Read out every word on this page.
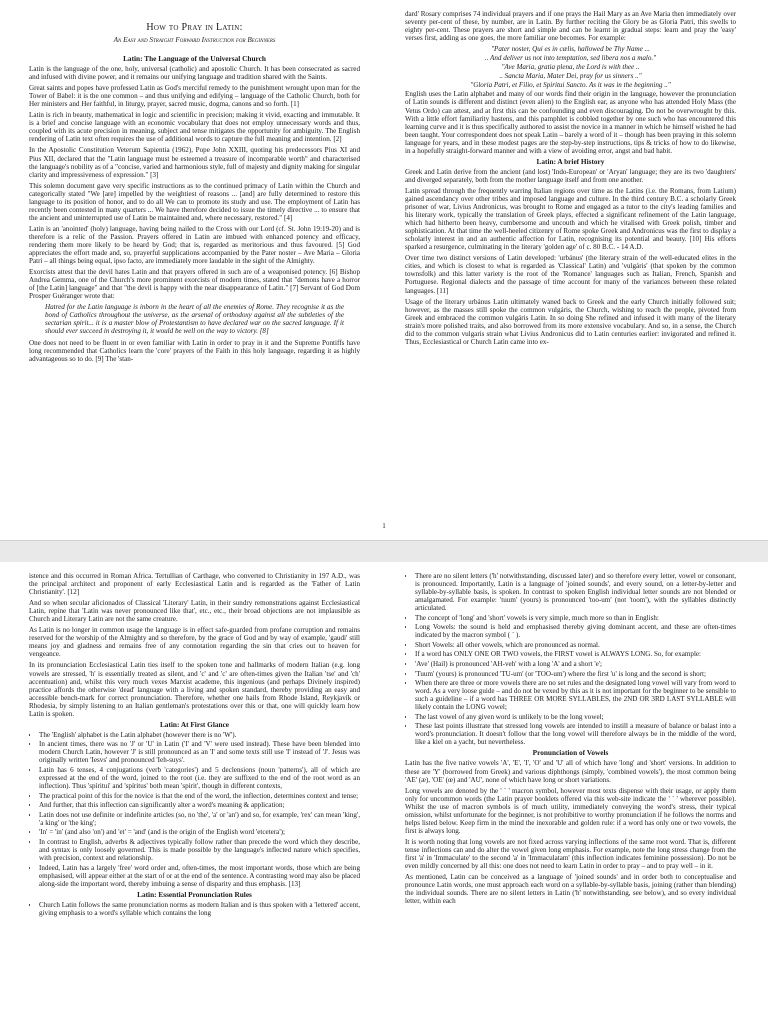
How to Pray in Latin:
An Easy and Straight Forward Instruction for Beginners
Latin: The Language of the Universal Church

Latin is the language of the one, holy, universal (catholic) and apostolic Church. It has been consecrated as sacred and infused with divine power, and it remains our unifying language and tradition shared with the Saints.

Great saints and popes have professed Latin as God's merciful remedy to the punishment wrought upon man for the Tower of Babel: it is the one common – and thus unifying and edifying – language of the Catholic Church, both for Her ministers and Her faithful, in liturgy, prayer, sacred music, dogma, canons and so forth. [1]

Latin is rich in beauty, mathematical in logic and scientific in precision; making it vivid, exacting and immutable. It is a brief and concise language with an economic vocabulary that does not employ unnecessary words and thus, coupled with its acute precision in meaning, subject and tense mitigates the opportunity for ambiguity. The English rendering of Latin text often requires the use of additional words to capture the full meaning and intention. [2]

In the Apostolic Constitution Veterum Sapientia (1962), Pope John XXIII, quoting his predecessors Pius XI and Pius XII, declared that the "Latin language must be esteemed a treasure of incomparable worth" and characterised the language's nobility as of a "concise, varied and harmonious style, full of majesty and dignity making for singular clarity and impressiveness of expression." [3]

This solemn document gave very specific instructions as to the continued primacy of Latin within the Church and categorically stated "We [are] impelled by the weightiest of reasons ... [and] are fully determined to restore this language to its position of honor, and to do all We can to promote its study and use. The employment of Latin has recently been contested in many quarters ... We have therefore decided to issue the timely directive ... to ensure that the ancient and uninterrupted use of Latin be maintained and, where necessary, restored." [4]

Latin is an 'anointed' (holy) language, having being nailed to the Cross with our Lord (cf. St. John 19:19-20) and is therefore is a relic of the Passion. Prayers offered in Latin are imbued with enhanced potency and efficacy, rendering them more likely to be heard by God; that is, regarded as meritorious and thus favoured. [5] God appreciates the effort made and, so, prayerful supplications accompanied by the Pater noster – Ave Maria – Gloria Patri – all things being equal, ipso facto, are immediately more laudable in the sight of the Almighty.

Exorcists attest that the devil hates Latin and that prayers offered in such are of a weaponised potency. [6] Bishop Andrea Gemma, one of the Church's more prominent exorcists of modern times, stated that "demons have a horror of [the Latin] language" and that "the devil is happy with the near disappearance of Latin." [7] Servant of God Dom Prosper Guéranger wrote that:

Hatred for the Latin language is inborn in the heart of all the enemies of Rome. They recognise it as the bond of Catholics throughout the universe, as the arsenal of orthodoxy against all the subtleties of the sectarian spirit... it is a master blow of Protestantism to have declared war on the sacred language. If it should ever succeed in destroying it, it would be well on the way to victory. [8]

One does not need to be fluent in or even familiar with Latin in order to pray in it and the Supreme Pontiffs have long recommended that Catholics learn the 'core' prayers of the Faith in this holy language, regarding it as highly advantageous so to do. [9] The 'stan-

dard' Rosary comprises 74 individual prayers and if one prays the Hail Mary as an Ave Maria then immediately over seventy per-cent of these, by number, are in Latin. By further reciting the Glory be as Gloria Patri, this swells to eighty per-cent. These prayers are short and simple and can be learnt in gradual steps: learn and pray the 'easy' verses first, adding as one goes, the more familiar one becomes. For example:

"Pater noster, Qui es in cælis, hallowed be Thy Name ...

.. And deliver us not into temptation, sed libera nos a malo."

"Ave Maria, gratia plena, the Lord is with thee ..

.. Sancta Maria, Mater Dei, pray for us sinners .."

"Gloria Patri, et Filio, et Spiritui Sancto. As it was in the beginning .."

English uses the Latin alphabet and many of our words find their origin in the language, however the pronunciation of Latin sounds is different and distinct (even alien) to the English ear, as anyone who has attended Holy Mass (the Vetus Ordo) can attest, and at first this can be confounding and even discouraging. Do not be overwrought by this. With a little effort familiarity hastens, and this pamphlet is cobbled together by one such who has encountered this learning curve and it is thus specifically authored to assist the novice in a manner in which he himself wished he had been taught. Your correspondent does not speak Latin – barely a word of it – though has been praying in this solemn language for years, and in these modest pages are the step-by-step instructions, tips & tricks of how to do likewise, in a hopefully straight-forward manner and with a view of avoiding error, angst and bad habit.

Latin: A brief History

Greek and Latin derive from the ancient (and lost) 'Indo-European' or 'Aryan' language; they are its two 'daughters' and diverged separately, both from the mother language itself and from one another.

Latin spread through the frequently warring Italian regions over time as the Latins (i.e. the Romans, from Latium) gained ascendancy over other tribes and imposed language and culture. In the third century B.C. a scholarly Greek prisoner of war, Livius Andronicus, was brought to Rome and engaged as a tutor to the city's leading families and his literary work, typically the translation of Greek plays, effected a significant refinement of the Latin language, which had hitherto been heavy, cumbersome and uncouth and which he vitalised with Greek polish, timber and sophistication. At that time the well-heeled citizenry of Rome spoke Greek and Andronicus was the first to display a scholarly interest in and an authentic affection for Latin, recognising its potential and beauty. [10] His efforts sparked a resurgence, culminating in the literary 'golden age' of c. 80 B.C. - 14 A.D.

Over time two distinct versions of Latin developed: 'urbánus' (the literary strain of the well-educated elites in the cities, and which is closest to what is regarded as 'Classical' Latin) and 'vulgáris' (that spoken by the common townsfolk) and this latter variety is the root of the 'Romance' languages such as Italian, French, Spanish and Portuguese. Regional dialects and the passage of time account for many of the variances between these related languages. [11]

Usage of the literary urbánus Latin ultimately waned back to Greek and the early Church initially followed suit; however, as the masses still spoke the common vulgáris, the Church, wishing to reach the people, pivoted from Greek and embraced the common vulgáris Latin. In so doing She refined and infused it with many of the literary strain's more polished traits, and also borrowed from its more extensive vocabulary. And so, in a sense, the Church did to the common vulgaris strain what Livius Andronicus did to Latin centuries earlier: invigorated and refined it. Thus, Ecclesiastical or Church Latin came into ex-

1

istence and this occurred in Roman Africa. Tertullian of Carthage, who converted to Christianity in 197 A.D., was the principal architect and proponent of early Ecclesiastical Latin and is regarded as the 'Father of Latin Christianity'. [12]

And so when secular aficionados of Classical 'Literary' Latin, in their sundry remonstrations against Ecclesiastical Latin, repine that 'Latin was never pronounced like that', etc., etc., their broad objections are not implausible as Church and Literary Latin are not the same creature.

As Latin is no longer in common usage the language is in effect safe-guarded from profane corruption and remains reserved for the worship of the Almighty and so therefore, by the grace of God and by way of example, 'gaudi' still means joy and gladness and remains free of any connotation regarding the sin that cries out to heaven for vengeance.

In its pronunciation Ecclesiastical Latin ties itself to the spoken tone and hallmarks of modern Italian (e.g. long vowels are stressed, 'h' is essentially treated as silent, and 'c' and 'c' are often-times given the Italian 'tse' and 'ch' accentuation) and, whilst this very much vexes Marxist academe, this ingenious (and perhaps Divinely inspired) practice affords the otherwise 'dead' language with a living and spoken standard, thereby providing an easy and accessible bench-mark for correct pronunciation. Therefore, whether one hails from Rhode Island, Reykjavík or Rhodesia, by simply listening to an Italian gentleman's protestations over this or that, one will quickly learn how Latin is spoken.

Latin: At First Glance
• The 'English' alphabet is the Latin alphabet (however there is no 'W').
• In ancient times, there was no 'J' or 'U' in Latin ('I' and 'V' were used instead). These have been blended into modern Church Latin, however 'J' is still pronounced as an 'I' and some texts still use 'I' instead of 'J'. Jesus was originally written 'Iesvs' and pronounced 'Ieh-suys'.
• Latin has 6 tenses, 4 conjugations (verb 'categories') and 5 declensions (noun 'patterns'), all of which are expressed at the end of the word, joined to the root (i.e. they are suffixed to the end of the root word as an inflection). Thus 'spíritui' and 'spíritus' both mean 'spirit', though in different contexts,
• The practical point of this for the novice is that the end of the word, the inflection, determines context and tense;
• And further, that this inflection can significantly alter a word's meaning & application;
• Latin does not use definite or indefinite articles (so, no 'the', 'a' or 'an') and so, for example, 'rex' can mean 'king', 'a king' or 'the king';
• 'In' = 'in' (and also 'on') and 'et' = 'and' (and is the origin of the English word 'etcetera');
• In contrast to English, adverbs & adjectives typically follow rather than precede the word which they describe, and syntax is only loosely governed. This is made possible by the language's inflected nature which specifies, with precision, context and relationship.
• Indeed, Latin has a largely 'free' word order and, often-times, the most important words, those which are being emphasised, will appear either at the start of or at the end of the sentence. A contrasting word may also be placed along-side the important word, thereby imbuing a sense of disparity and thus emphasis. [13]
Latin: Essential Pronunciation Rules
• Church Latin follows the same pronunciation norms as modern Italian and is thus spoken with a 'lettered' accent, giving emphasis to a word's syllable which contains the long
• There are no silent letters ('h' notwithstanding, discussed later) and so therefore every letter, vowel or consonant, is pronounced. Importantly, Latin is a language of 'joined sounds', and every sound, on a letter-by-letter and syllable-by-syllable basis, is spoken. In contrast to spoken English individual letter sounds are not blended or amalgamated. For example: 'tuum' (yours) is pronounced 'too-um' (not 'toom'), with the syllables distinctly articulated.
• The concept of 'long' and 'short' vowels is very simple, much more so than in English:
• Long Vowels: the sound is held and emphasised thereby giving dominant accent, and these are often-times indicated by the macron symbol ( ´ ).
• Short Vowels: all other vowels, which are pronounced as normal.
• If a word has ONLY ONE OR TWO vowels, the FIRST vowel is ALWAYS LONG. So, for example:
• 'Ave' (Hail) is pronounced 'AH-veh' with a long 'A' and a short 'e';
• 'Tuum' (yours) is pronounced 'TU-um' (or 'TOO-um') where the first 'u' is long and the second is short;
• When there are three or more vowels there are no set rules and the designated long vowel will vary from word to word. As a very loose guide – and do not be vexed by this as it is not important for the beginner to be sensible to such a guideline – if a word has THREE OR MORE SYLLABLES, the 2ND OR 3RD LAST SYLLABLE will likely contain the LONG vowel;
• The last vowel of any given word is unlikely to be the long vowel;
• These last points illustrate that stressed long vowels are intended to instill a measure of balance or balast into a word's pronunciation. It doesn't follow that the long vowel will therefore always be in the middle of the word, like a kiel on a yacht, but nevertheless.
Pronunciation of Vowels

Latin has the five native vowels 'A', 'E', 'I', 'O' and 'U' all of which have 'long' and 'short' versions. In addition to these are 'Y' (borrowed from Greek) and various diphthongs (simply, 'combined vowels'), the most common being 'AE' (æ), 'OE' (œ) and 'AU', none of which have long or short variations.

Long vowels are denoted by the ' ´ ' macron symbol, however most texts dispense with their usage, or apply them only for uncommon words (the Latin prayer booklets offered via this web-site indicate the ' ´ ' wherever possible). Whilst the use of macron symbols is of much utility, immediately conveying the word's stress, their typical omission, whilst unfortunate for the beginner, is not prohibitive to worthy pronunciation if he follows the norms and helps listed below. Keep firm in the mind the inexorable and golden rule: if a word has only one or two vowels, the first is always long.

It is worth noting that long vowels are not fixed across varying inflections of the same root word. That is, different tense inflections can and do alter the vowel given long emphasis. For example, note the long stress change from the first 'a' in 'Immaculate' to the second 'a' in 'Immaculatam' (this inflection indicates feminine possession). Do not be even mildly concerned by all this: one does not need to learn Latin in order to pray – and to pray well – in it.

As mentioned, Latin can be conceived as a language of 'joined sounds' and in order both to conceptualise and pronounce Latin words, one must approach each word on a syllable-by-syllable basis, joining (rather than blending) the individual sounds. There are no silent letters in Latin ('h' notwithstanding, see below), and so every individual letter, within each
